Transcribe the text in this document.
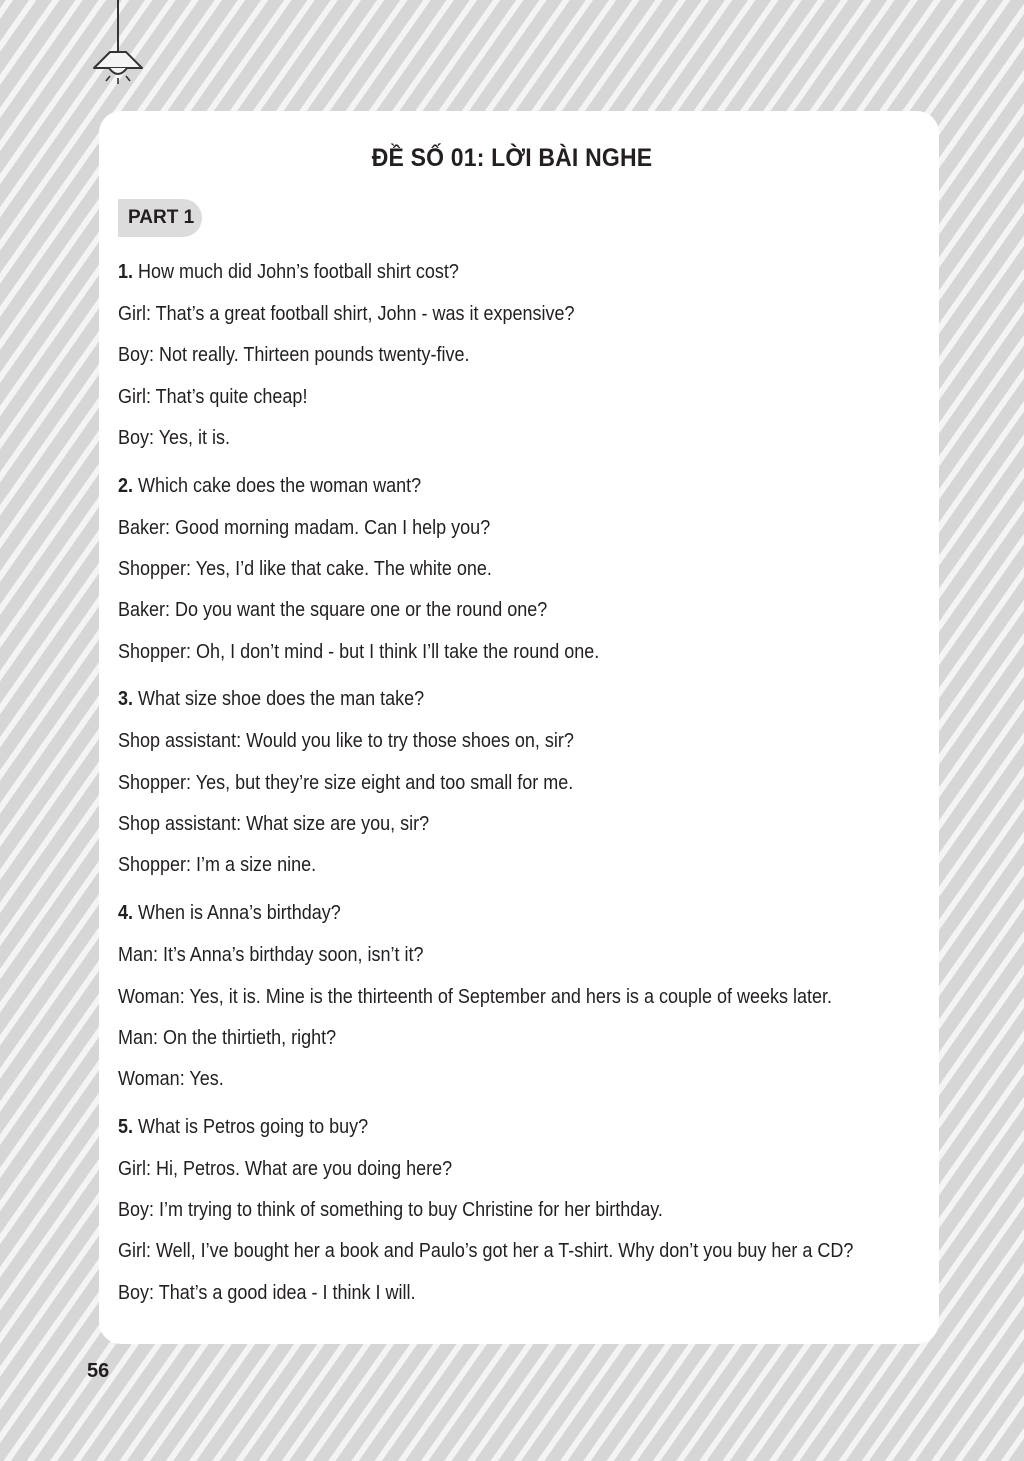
ĐỀ SỐ 01: LỜI BÀI NGHE
PART 1
1. How much did John’s football shirt cost?
Girl: That’s a great football shirt, John - was it expensive?
Boy: Not really. Thirteen pounds twenty-five.
Girl: That’s quite cheap!
Boy: Yes, it is.
2. Which cake does the woman want?
Baker: Good morning madam. Can I help you?
Shopper: Yes, I’d like that cake. The white one.
Baker: Do you want the square one or the round one?
Shopper: Oh, I don’t mind - but I think I’ll take the round one.
3. What size shoe does the man take?
Shop assistant: Would you like to try those shoes on, sir?
Shopper: Yes, but they’re size eight and too small for me.
Shop assistant: What size are you, sir?
Shopper: I’m a size nine.
4. When is Anna’s birthday?
Man: It’s Anna’s birthday soon, isn’t it?
Woman: Yes, it is. Mine is the thirteenth of September and hers is a couple of weeks later.
Man: On the thirtieth, right?
Woman: Yes.
5. What is Petros going to buy?
Girl: Hi, Petros. What are you doing here?
Boy: I’m trying to think of something to buy Christine for her birthday.
Girl: Well, I’ve bought her a book and Paulo’s got her a T-shirt. Why don’t you buy her a CD?
Boy: That’s a good idea - I think I will.
56
